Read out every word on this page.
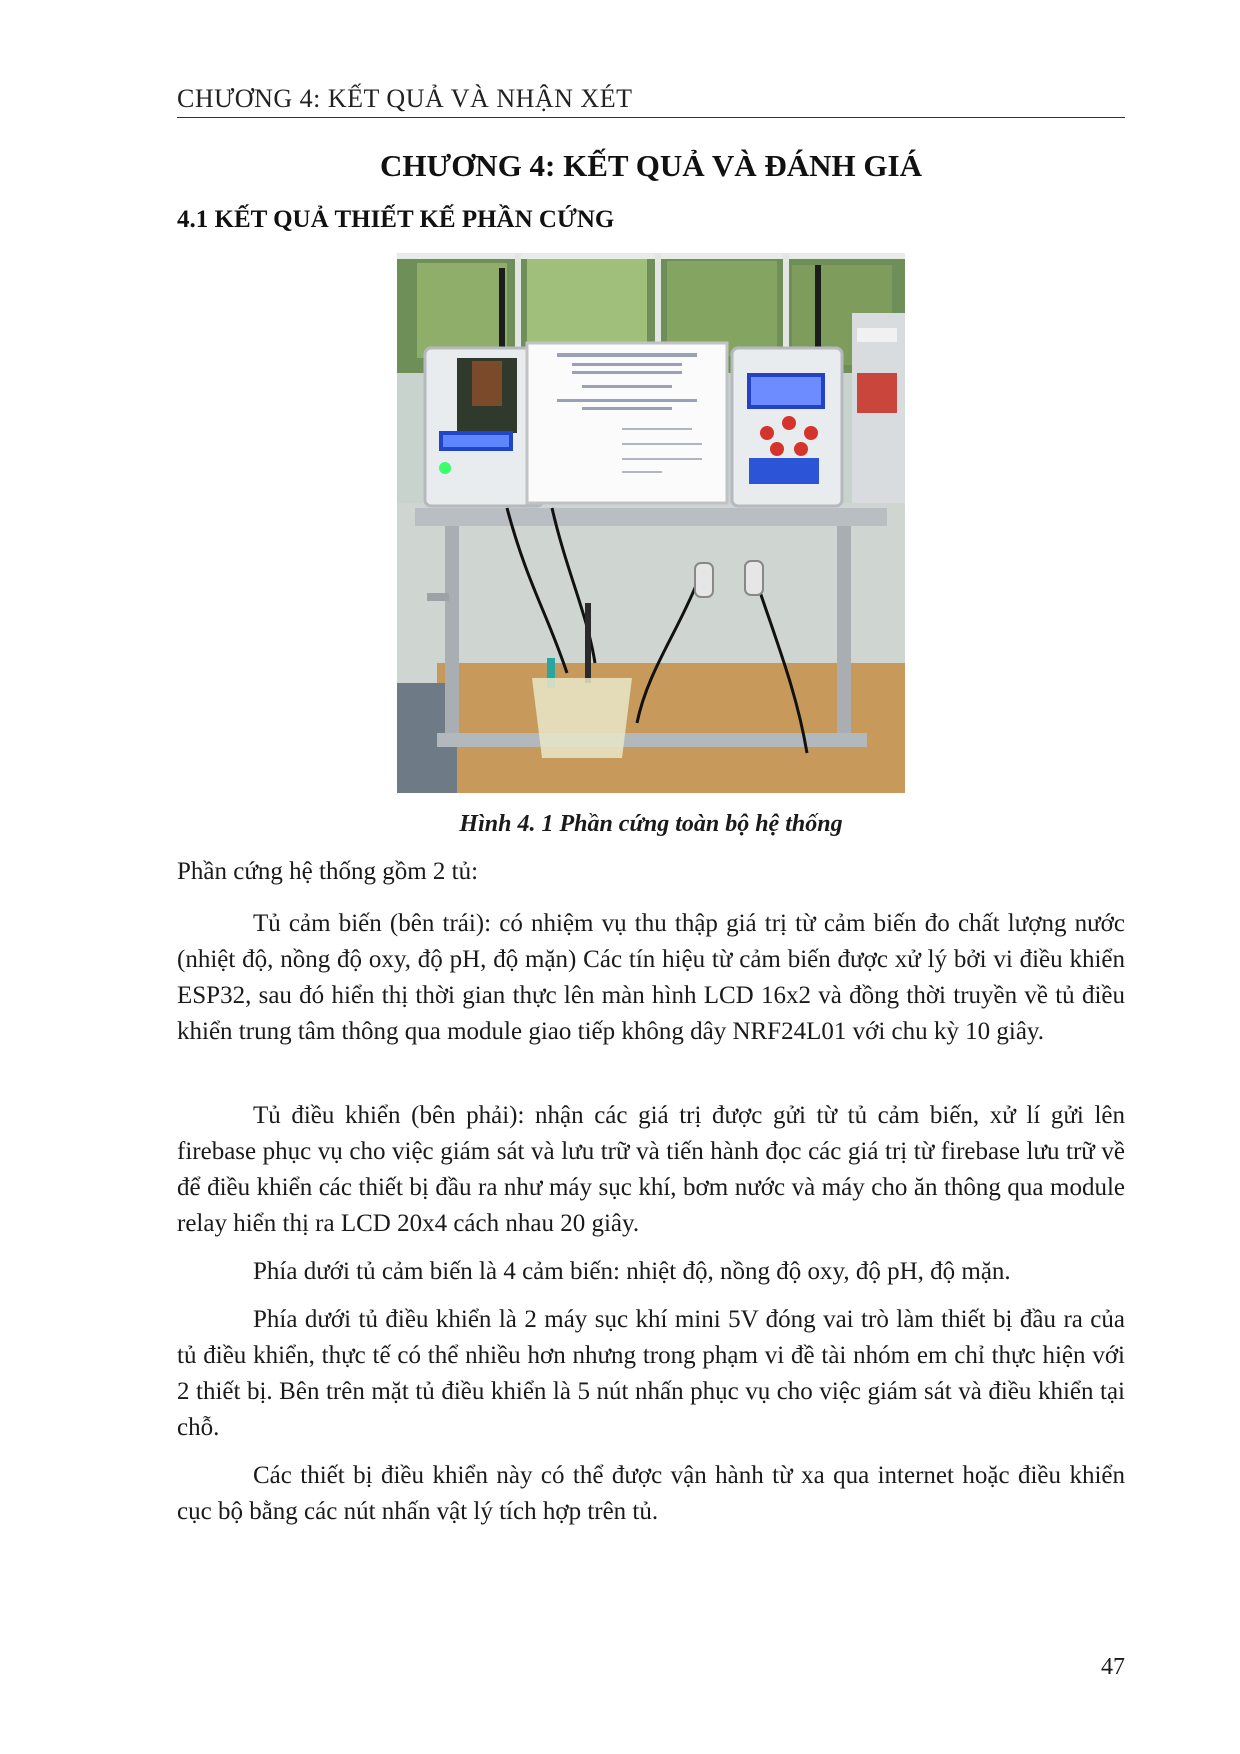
CHƯƠNG 4: KẾT QUẢ VÀ NHẬN XÉT
CHƯƠNG 4: KẾT QUẢ VÀ ĐÁNH GIÁ
4.1 KẾT QUẢ THIẾT KẾ PHẦN CỨNG
Hình 4. 1 Phần cứng toàn bộ hệ thống
Phần cứng hệ thống gồm 2 tủ:

Tủ cảm biến (bên trái): có nhiệm vụ thu thập giá trị từ cảm biến đo chất lượng nước (nhiệt độ, nồng độ oxy, độ pH, độ mặn) Các tín hiệu từ cảm biến được xử lý bởi vi điều khiển ESP32, sau đó hiển thị thời gian thực lên màn hình LCD 16x2 và đồng thời truyền về tủ điều khiển trung tâm thông qua module giao tiếp không dây NRF24L01 với chu kỳ 10 giây.

Tủ điều khiển (bên phải): nhận các giá trị được gửi từ tủ cảm biến, xử lí gửi lên firebase phục vụ cho việc giám sát và lưu trữ và tiến hành đọc các giá trị từ firebase lưu trữ về để điều khiển các thiết bị đầu ra như máy sục khí, bơm nước và máy cho ăn thông qua module relay hiển thị ra LCD 20x4 cách nhau 20 giây.

Phía dưới tủ cảm biến là 4 cảm biến: nhiệt độ, nồng độ oxy, độ pH, độ mặn.

Phía dưới tủ điều khiển là 2 máy sục khí mini 5V đóng vai trò làm thiết bị đầu ra của tủ điều khiển, thực tế có thể nhiều hơn nhưng trong phạm vi đề tài nhóm em chỉ thực hiện với 2 thiết bị. Bên trên mặt tủ điều khiển là 5 nút nhấn phục vụ cho việc giám sát và điều khiển tại chỗ.

Các thiết bị điều khiển này có thể được vận hành từ xa qua internet hoặc điều khiển cục bộ bằng các nút nhấn vật lý tích hợp trên tủ.

47
